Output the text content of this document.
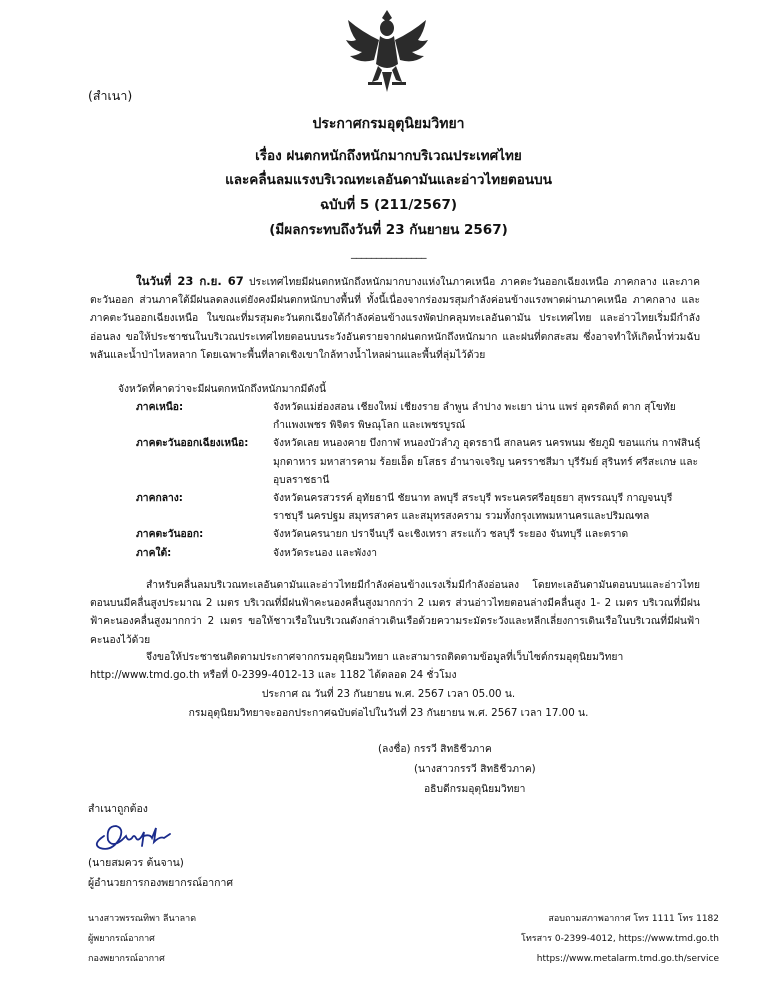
(สำเนา)
ประกาศกรมอุตุนิยมวิทยา
เรื่อง ฝนตกหนักถึงหนักมากบริเวณประเทศไทย
และคลื่นลมแรงบริเวณทะเลอันดามันและอ่าวไทยตอนบน
ฉบับที่ 5 (211/2567)
(มีผลกระทบถึงวันที่ 23 กันยายน 2567)
_______________
ในวันที่ 23 ก.ย. 67 ประเทศไทยมีฝนตกหนักถึงหนักมากบางแห่งในภาคเหนือ ภาคตะวันออกเฉียงเหนือ ภาคกลาง และภาคตะวันออก ส่วนภาคใต้มีฝนลดลงแต่ยังคงมีฝนตกหนักบางพื้นที่ ทั้งนี้เนื่องจากร่องมรสุมกำลังค่อนข้างแรงพาดผ่านภาคเหนือ ภาคกลาง และภาคตะวันออกเฉียงเหนือ ในขณะที่มรสุมตะวันตกเฉียงใต้กำลังค่อนข้างแรงพัดปกคลุมทะเลอันดามัน ประเทศไทย และอ่าวไทยเริ่มมีกำลังอ่อนลง ขอให้ประชาชนในบริเวณประเทศไทยตอนบนระวังอันตรายจากฝนตกหนักถึงหนักมาก และฝนที่ตกสะสม ซึ่งอาจทำให้เกิดน้ำท่วมฉับพลันและน้ำป่าไหลหลาก โดยเฉพาะพื้นที่ลาดเชิงเขาใกล้ทางน้ำไหลผ่านและพื้นที่ลุ่มไว้ด้วย
จังหวัดที่คาดว่าจะมีฝนตกหนักถึงหนักมากมีดังนี้
ภาคเหนือ:	จังหวัดแม่ฮ่องสอน เชียงใหม่ เชียงราย ลำพูน ลำปาง พะเยา น่าน แพร่ อุตรดิตถ์ ตาก สุโขทัย กำแพงเพชร พิจิตร พิษณุโลก และเพชรบูรณ์
ภาคตะวันออกเฉียงเหนือ:	จังหวัดเลย หนองคาย บึงกาฬ หนองบัวลำภู อุดรธานี สกลนคร นครพนม ชัยภูมิ ขอนแก่น กาฬสินธุ์ มุกดาหาร มหาสารคาม ร้อยเอ็ด ยโสธร อำนาจเจริญ นครราชสีมา บุรีรัมย์ สุรินทร์ ศรีสะเกษ และอุบลราชธานี
ภาคกลาง:	จังหวัดนครสวรรค์ อุทัยธานี ชัยนาท ลพบุรี สระบุรี พระนครศรีอยุธยา สุพรรณบุรี กาญจนบุรี ราชบุรี นครปฐม สมุทรสาคร และสมุทรสงคราม รวมทั้งกรุงเทพมหานครและปริมณฑล
ภาคตะวันออก:	จังหวัดนครนายก ปราจีนบุรี ฉะเชิงเทรา สระแก้ว ชลบุรี ระยอง จันทบุรี และตราด
ภาคใต้:	จังหวัดระนอง และพังงา
สำหรับคลื่นลมบริเวณทะเลอันดามันและอ่าวไทยมีกำลังค่อนข้างแรงเริ่มมีกำลังอ่อนลง โดยทะเลอันดามันตอนบนและอ่าวไทยตอนบนมีคลื่นสูงประมาณ 2 เมตร บริเวณที่มีฝนฟ้าคะนองคลื่นสูงมากกว่า 2 เมตร ส่วนอ่าวไทยตอนล่างมีคลื่นสูง 1- 2 เมตร บริเวณที่มีฝนฟ้าคะนองคลื่นสูงมากกว่า 2 เมตร ขอให้ชาวเรือในบริเวณดังกล่าวเดินเรือด้วยความระมัดระวังและหลีกเลี่ยงการเดินเรือในบริเวณที่มีฝนฟ้าคะนองไว้ด้วย
จึงขอให้ประชาชนติดตามประกาศจากกรมอุตุนิยมวิทยา และสามารถติดตามข้อมูลที่เว็บไซต์กรมอุตุนิยมวิทยา http://www.tmd.go.th หรือที่ 0-2399-4012-13 และ 1182 ได้ตลอด 24 ชั่วโมง
ประกาศ ณ วันที่ 23 กันยายน พ.ศ. 2567 เวลา 05.00 น.
กรมอุตุนิยมวิทยาจะออกประกาศฉบับต่อไปในวันที่ 23 กันยายน พ.ศ. 2567 เวลา 17.00 น.
(ลงชื่อ) กรรวี สิทธิชีวภาค
(นางสาวกรรวี สิทธิชีวภาค)
อธิบดีกรมอุตุนิยมวิทยา
สำเนาถูกต้อง
(นายสมควร ต้นจาน)
ผู้อำนวยการกองพยากรณ์อากาศ
นางสาวพรรณทิพา ลีนาลาด
ผู้พยากรณ์อากาศ
กองพยากรณ์อากาศ
สอบถามสภาพอากาศ โทร 1111 โทร 1182
โทรสาร 0-2399-4012, https://www.tmd.go.th
https://www.metalarm.tmd.go.th/service
